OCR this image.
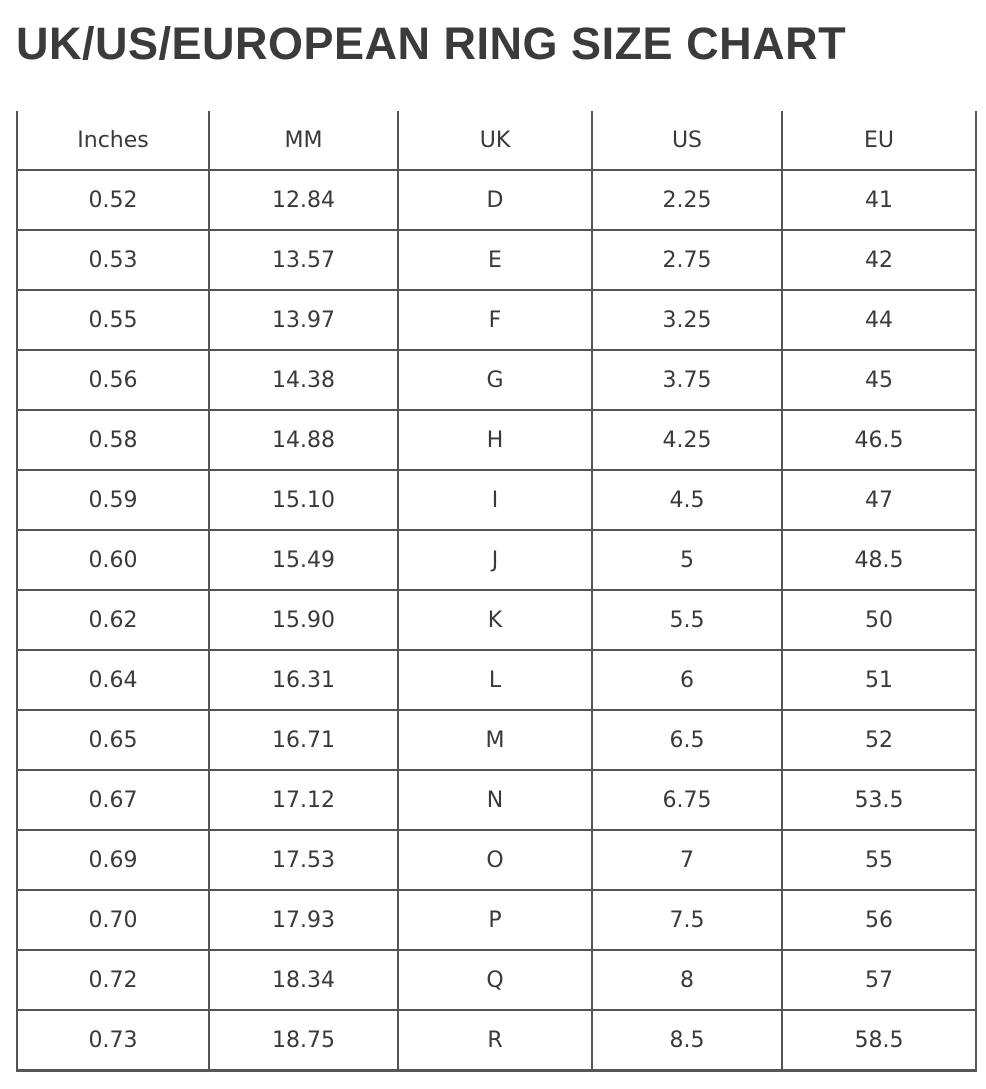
UK/US/EUROPEAN RING SIZE CHART
Inches	MM	UK	US	EU
0.52	12.84	D	2.25	41
0.53	13.57	E	2.75	42
0.55	13.97	F	3.25	44
0.56	14.38	G	3.75	45
0.58	14.88	H	4.25	46.5
0.59	15.10	I	4.5	47
0.60	15.49	J	5	48.5
0.62	15.90	K	5.5	50
0.64	16.31	L	6	51
0.65	16.71	M	6.5	52
0.67	17.12	N	6.75	53.5
0.69	17.53	O	7	55
0.70	17.93	P	7.5	56
0.72	18.34	Q	8	57
0.73	18.75	R	8.5	58.5
